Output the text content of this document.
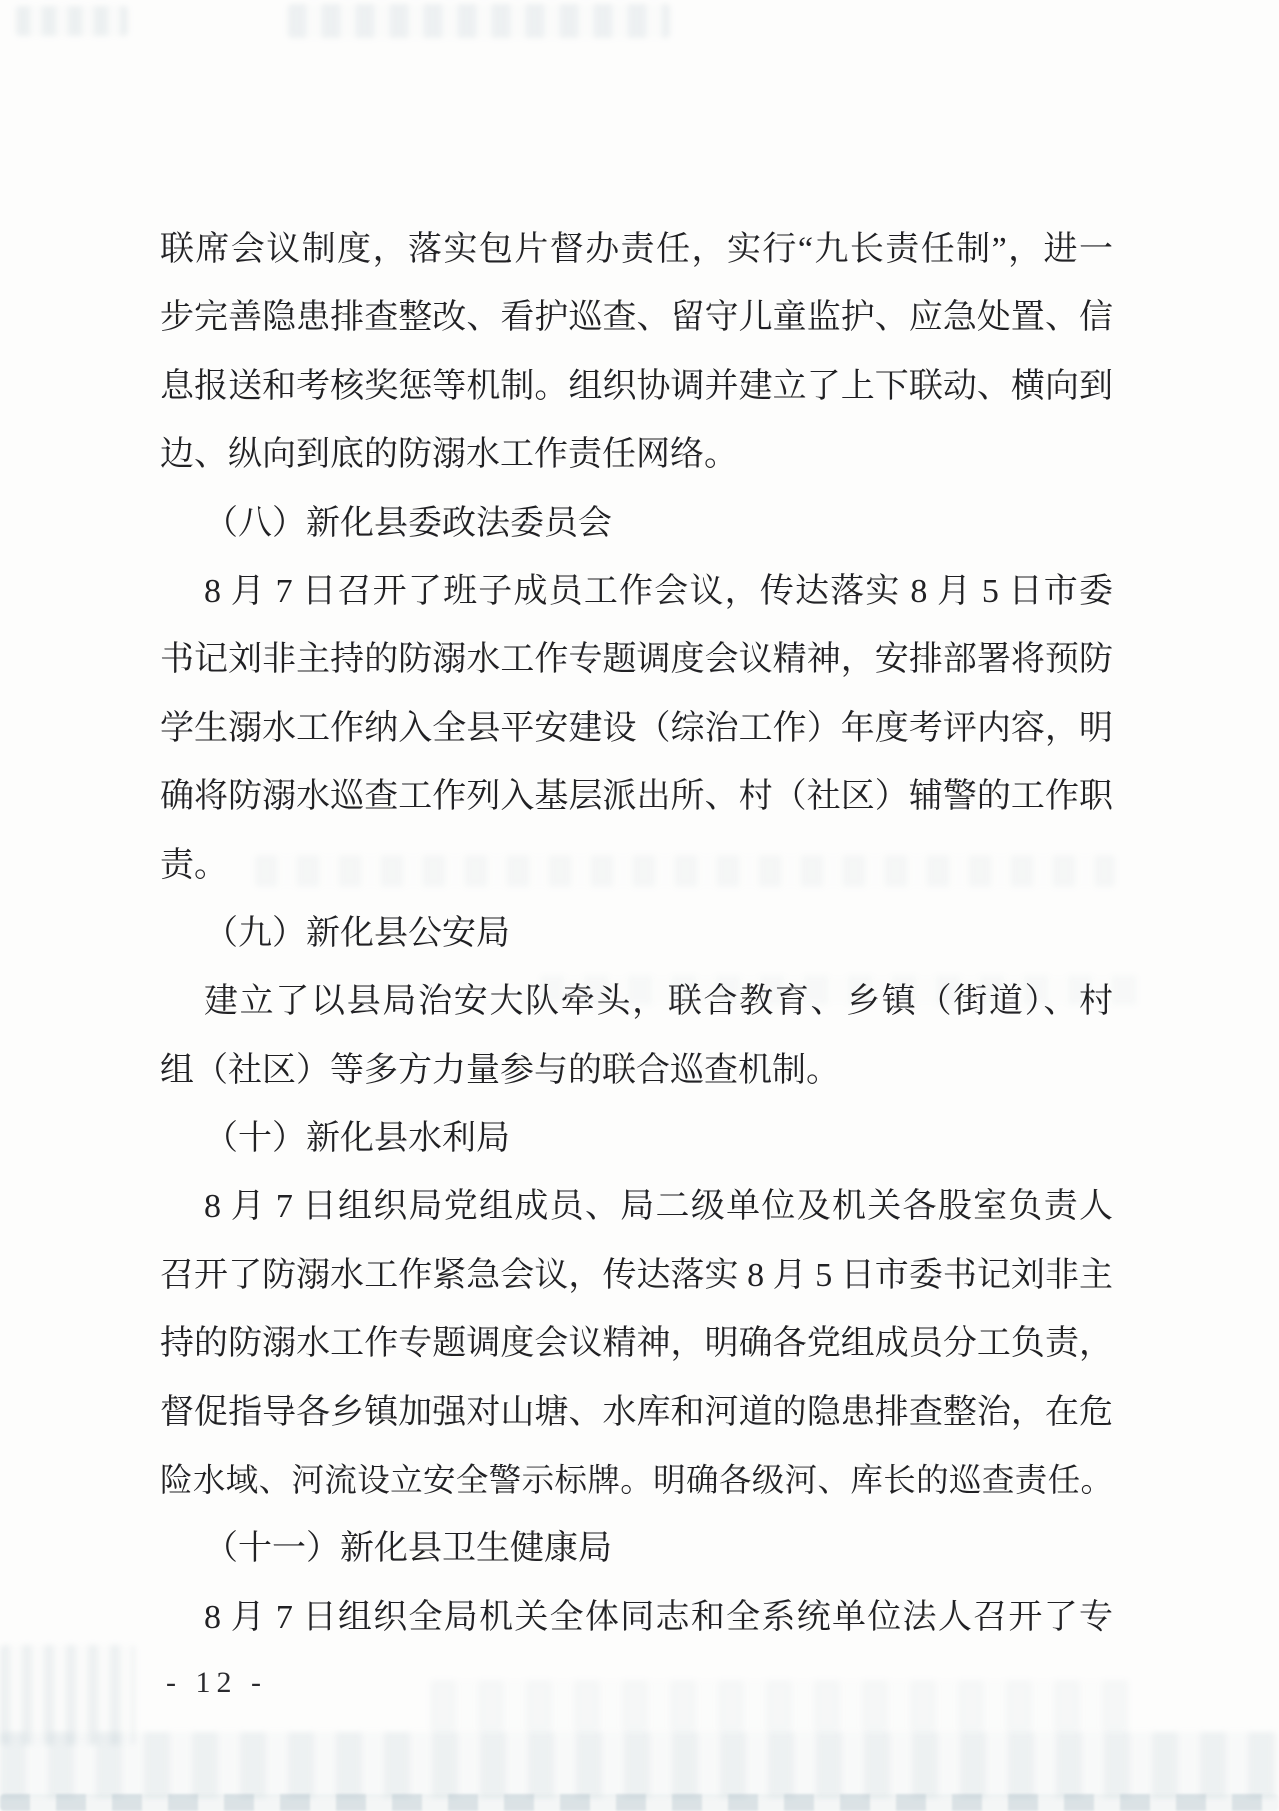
联席会议制度，落实包片督办责任，实行“九长责任制”，进一
步完善隐患排查整改、看护巡查、留守儿童监护、应急处置、信
息报送和考核奖惩等机制。组织协调并建立了上下联动、横向到
边、纵向到底的防溺水工作责任网络。
（八）新化县委政法委员会
8 月 7 日召开了班子成员工作会议，传达落实 8 月 5 日市委
书记刘非主持的防溺水工作专题调度会议精神，安排部署将预防
学生溺水工作纳入全县平安建设（综治工作）年度考评内容，明
确将防溺水巡查工作列入基层派出所、村（社区）辅警的工作职
责。
（九）新化县公安局
建立了以县局治安大队牵头，联合教育、乡镇（街道）、村
组（社区）等多方力量参与的联合巡查机制。
（十）新化县水利局
8 月 7 日组织局党组成员、局二级单位及机关各股室负责人
召开了防溺水工作紧急会议，传达落实 8 月 5 日市委书记刘非主
持的防溺水工作专题调度会议精神，明确各党组成员分工负责，
督促指导各乡镇加强对山塘、水库和河道的隐患排查整治，在危
险水域、河流设立安全警示标牌。明确各级河、库长的巡查责任。
（十一）新化县卫生健康局
8 月 7 日组织全局机关全体同志和全系统单位法人召开了专
- 12 -
